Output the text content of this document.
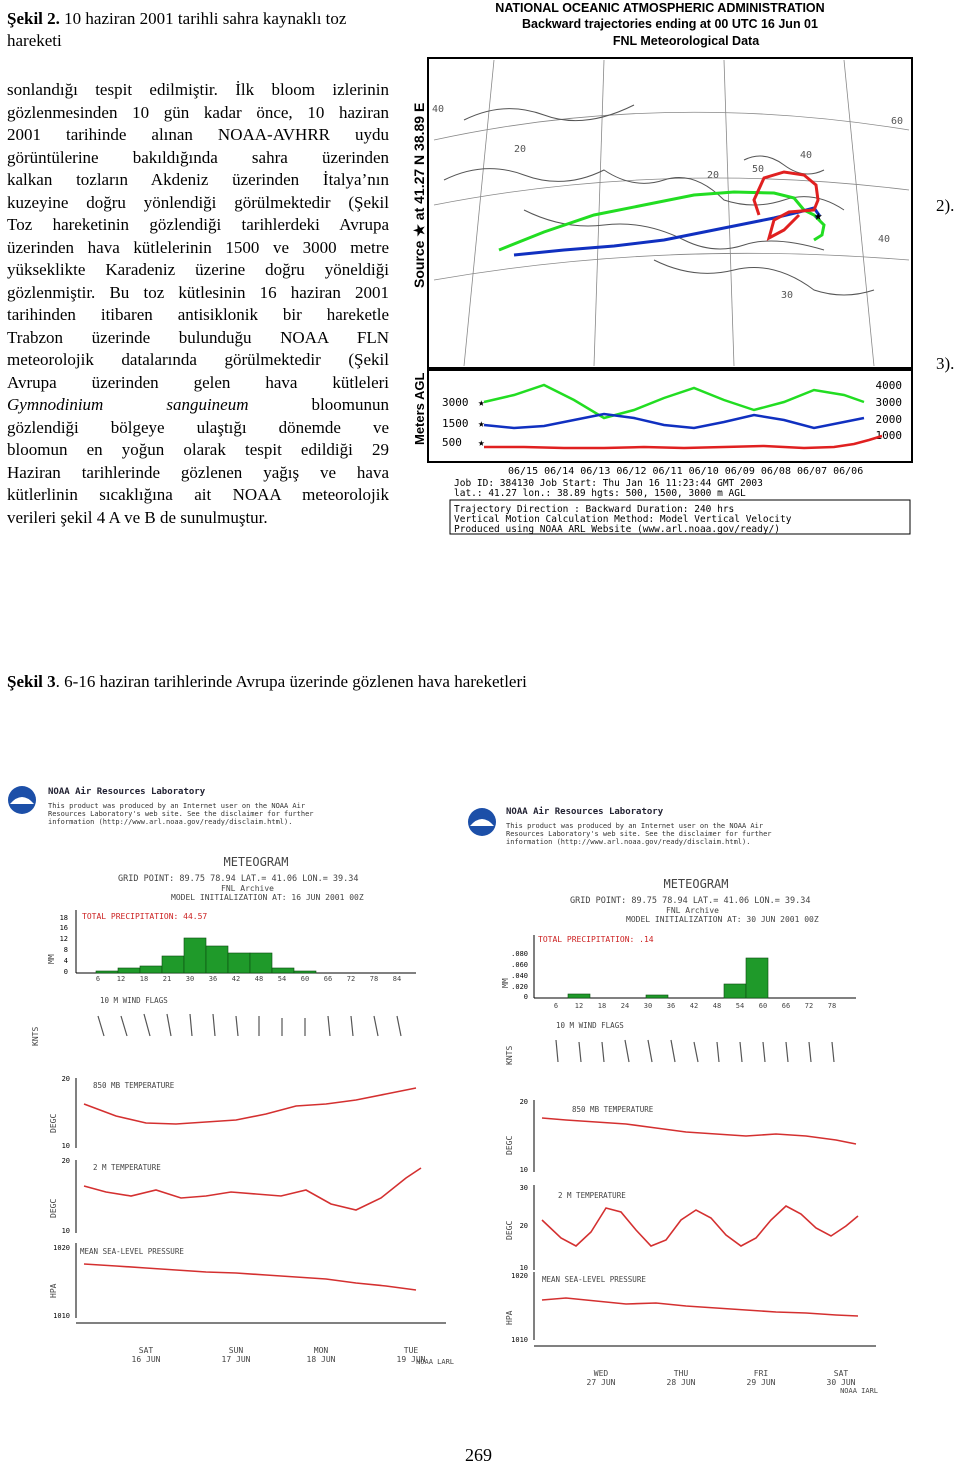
Şekil 2. 10 haziran 2001 tarihli sahra kaynaklı toz hareketi
sonlandığı tespit edilmiştir. İlk bloom izlerinin
gözlenmesinden 10 gün kadar önce, 10 haziran
2001 tarihinde alınan NOAA-AVHRR uydu
görüntülerine bakıldığında sahra üzerinden
kalkan tozların Akdeniz üzerinden İtalya’nın
kuzeyine doğru yönlendiği görülmektedir (Şekil
Toz hareketinin gözlendiği tarihlerdeki Avrupa
üzerinden hava kütlelerinin 1500 ve 3000 metre
yükseklikte Karadeniz üzerine doğru yöneldiği
gözlenmiştir. Bu toz kütlesinin 16 haziran 2001
tarihinden itibaren antisiklonik bir hareketle
Trabzon üzerinde bulunduğu NOAA FLN
meteorolojik datalarında görülmektedir (Şekil
Avrupa üzerinden gelen hava kütleleri
Gymnodinium	sanguineum	bloomunun
gözlendiği bölgeye ulaştığı dönemde ve
bloomun en yoğun olarak tespit edildiği 29
Haziran tarihlerinde gözlenen yağış ve hava
kütlerlinin sıcaklığına ait NOAA meteorolojik
verileri şekil 4 A ve B de sunulmuştur.
2).
3).
NATIONAL OCEANIC ATMOSPHERIC ADMINISTRATION
Backward trajectories ending at 00 UTC 16 Jun 01
FNL Meteorological Data
40
60
20
40
20
50
40
30
★
Source ★ at 41.27 N 38.89 E
Meters AGL 3000
1500
500
4000
3000
2000
1000
★
★
★
06/15 06/14 06/13 06/12 06/11 06/10 06/09 06/08 06/07 06/06
Job ID: 384130 Job Start: Thu Jan 16 11:23:44 GMT 2003
lat.: 41.27 lon.: 38.89 hgts: 500, 1500, 3000 m AGL
Trajectory Direction : Backward Duration: 240 hrs
Vertical Motion Calculation Method: Model Vertical Velocity
Produced using NOAA ARL Website (www.arl.noaa.gov/ready/)
Şekil 3. 6-16 haziran tarihlerinde Avrupa üzerinde gözlenen hava hareketleri
NOAA Air Resources Laboratory
This product was produced by an Internet user on the NOAA Air
Resources Laboratory's web site. See the disclaimer for further
information (http://www.arl.noaa.gov/ready/disclaim.html).
METEOGRAM
GRID POINT: 89.75 78.94 LAT.= 41.06 LON.= 39.34
FNL Archive
MODEL INITIALIZATION AT: 16 JUN 2001 00Z
TOTAL PRECIPITATION: 44.57
18
16
12
8
4
0
MM
6 12 18 21 30 36 42 48 54 60 66 72 78 84
10 M WIND FLAGS
KNTS
850 MB TEMPERATURE
DEGC
20
10
2 M TEMPERATURE
DEGC
20
10
MEAN SEA-LEVEL PRESSURE
HPA
1020
1010
SAT
16 JUN
SUN
17 JUN
MON
18 JUN
TUE
19 JUN
NOAA LARL
NOAA Air Resources Laboratory
This product was produced by an Internet user on the NOAA Air
Resources Laboratory's web site. See the disclaimer for further
information (http://www.arl.noaa.gov/ready/disclaim.html).
METEOGRAM
GRID POINT: 89.75 78.94 LAT.= 41.06 LON.= 39.34
FNL Archive
MODEL INITIALIZATION AT: 30 JUN 2001 00Z
TOTAL PRECIPITATION: .14
.080
.060
.040
.020
0
MM
6 12 18 24 30 36 42 48 54 60 66 72 78
10 M WIND FLAGS
KNTS
850 MB TEMPERATURE
DEGC
20
10
2 M TEMPERATURE
DEGC
30
20
10
MEAN SEA-LEVEL PRESSURE
HPA
1020
1010
WED
27 JUN
THU
28 JUN
FRI
29 JUN
SAT
30 JUN
NOAA IARL
269
